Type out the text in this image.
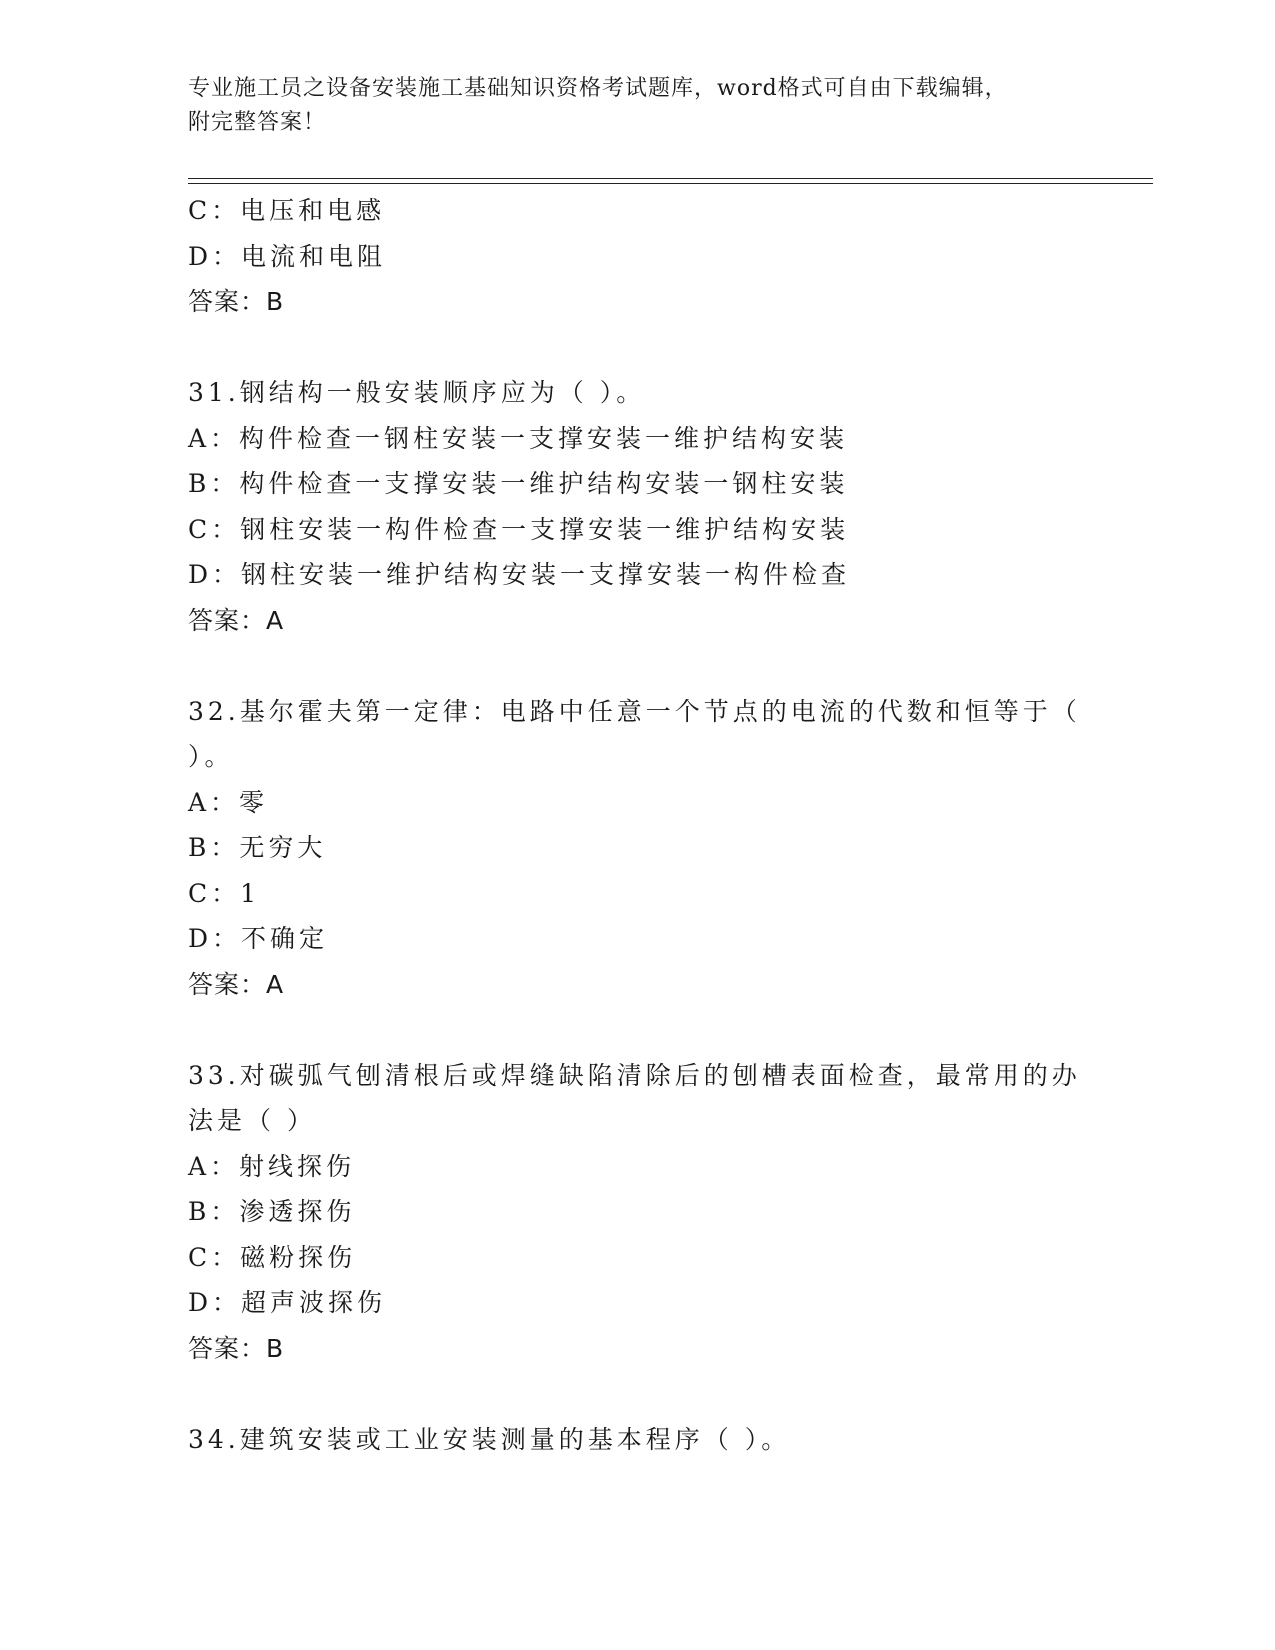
专业施工员之设备安装施工基础知识资格考试题库，word格式可自由下载编辑，
附完整答案！
C：电压和电感
D：电流和电阻
答案：B
31.钢结构一般安装顺序应为（ ）。
A：构件检查一钢柱安装一支撑安装一维护结构安装
B：构件检查一支撑安装一维护结构安装一钢柱安装
C：钢柱安装一构件检查一支撑安装一维护结构安装
D：钢柱安装一维护结构安装一支撑安装一构件检查
答案：A
32.基尔霍夫第一定律：电路中任意一个节点的电流的代数和恒等于（
）。
A：零
B：无穷大
C：1
D：不确定
答案：A
33.对碳弧气刨清根后或焊缝缺陷清除后的刨槽表面检查，最常用的办
法是（ ）
A：射线探伤
B：渗透探伤
C：磁粉探伤
D：超声波探伤
答案：B
34.建筑安装或工业安装测量的基本程序（ ）。
